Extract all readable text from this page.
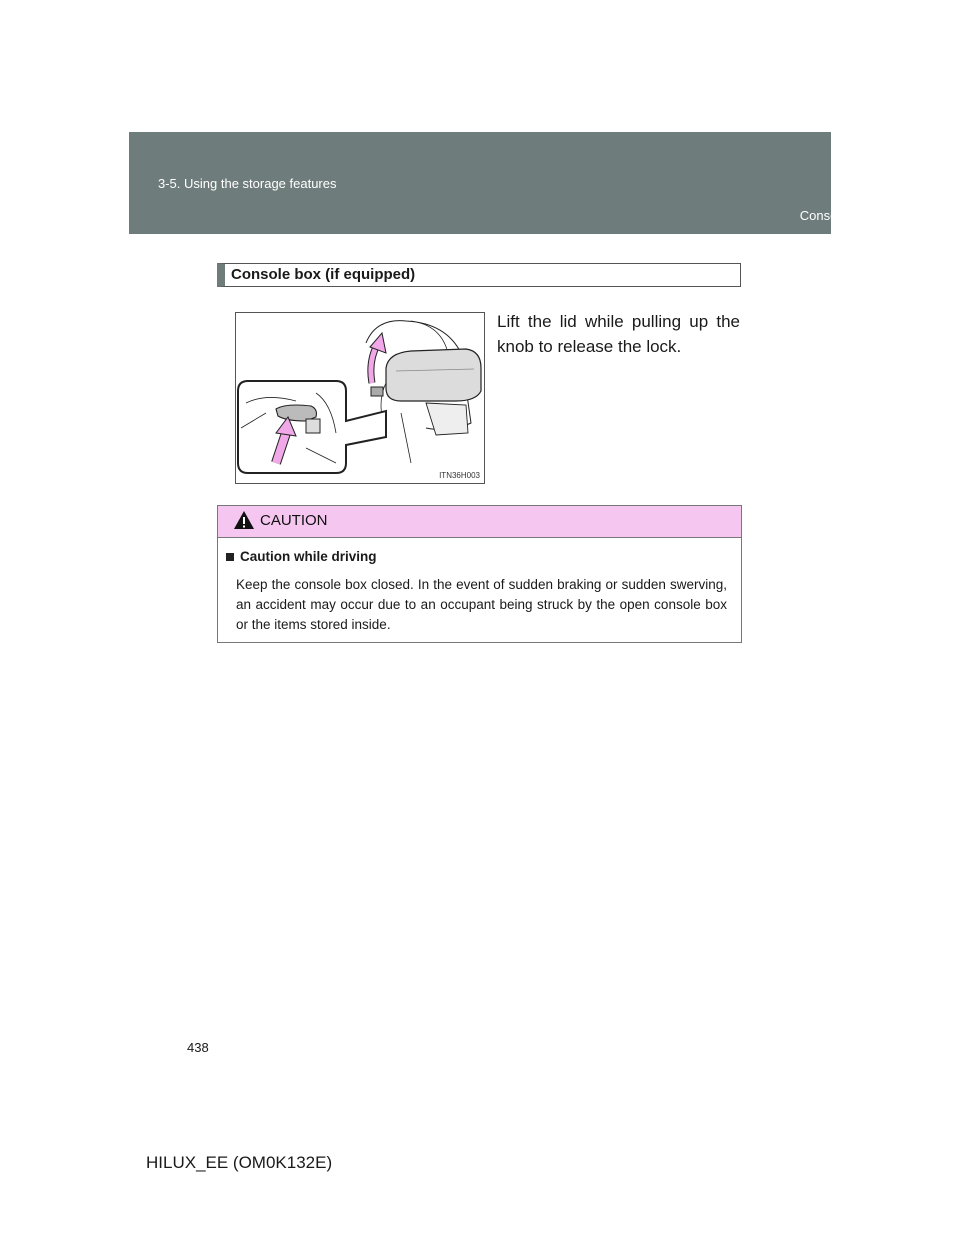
3-5. Using the storage features
Console box
Console box (if equipped)
ITN36H003
Lift the lid while pulling up the knob to release the lock.
CAUTION
Caution while driving
Keep the console box closed. In the event of sudden braking or sudden swerving, an accident may occur due to an occupant being struck by the open console box or the items stored inside.
438
HILUX_EE (OM0K132E)
